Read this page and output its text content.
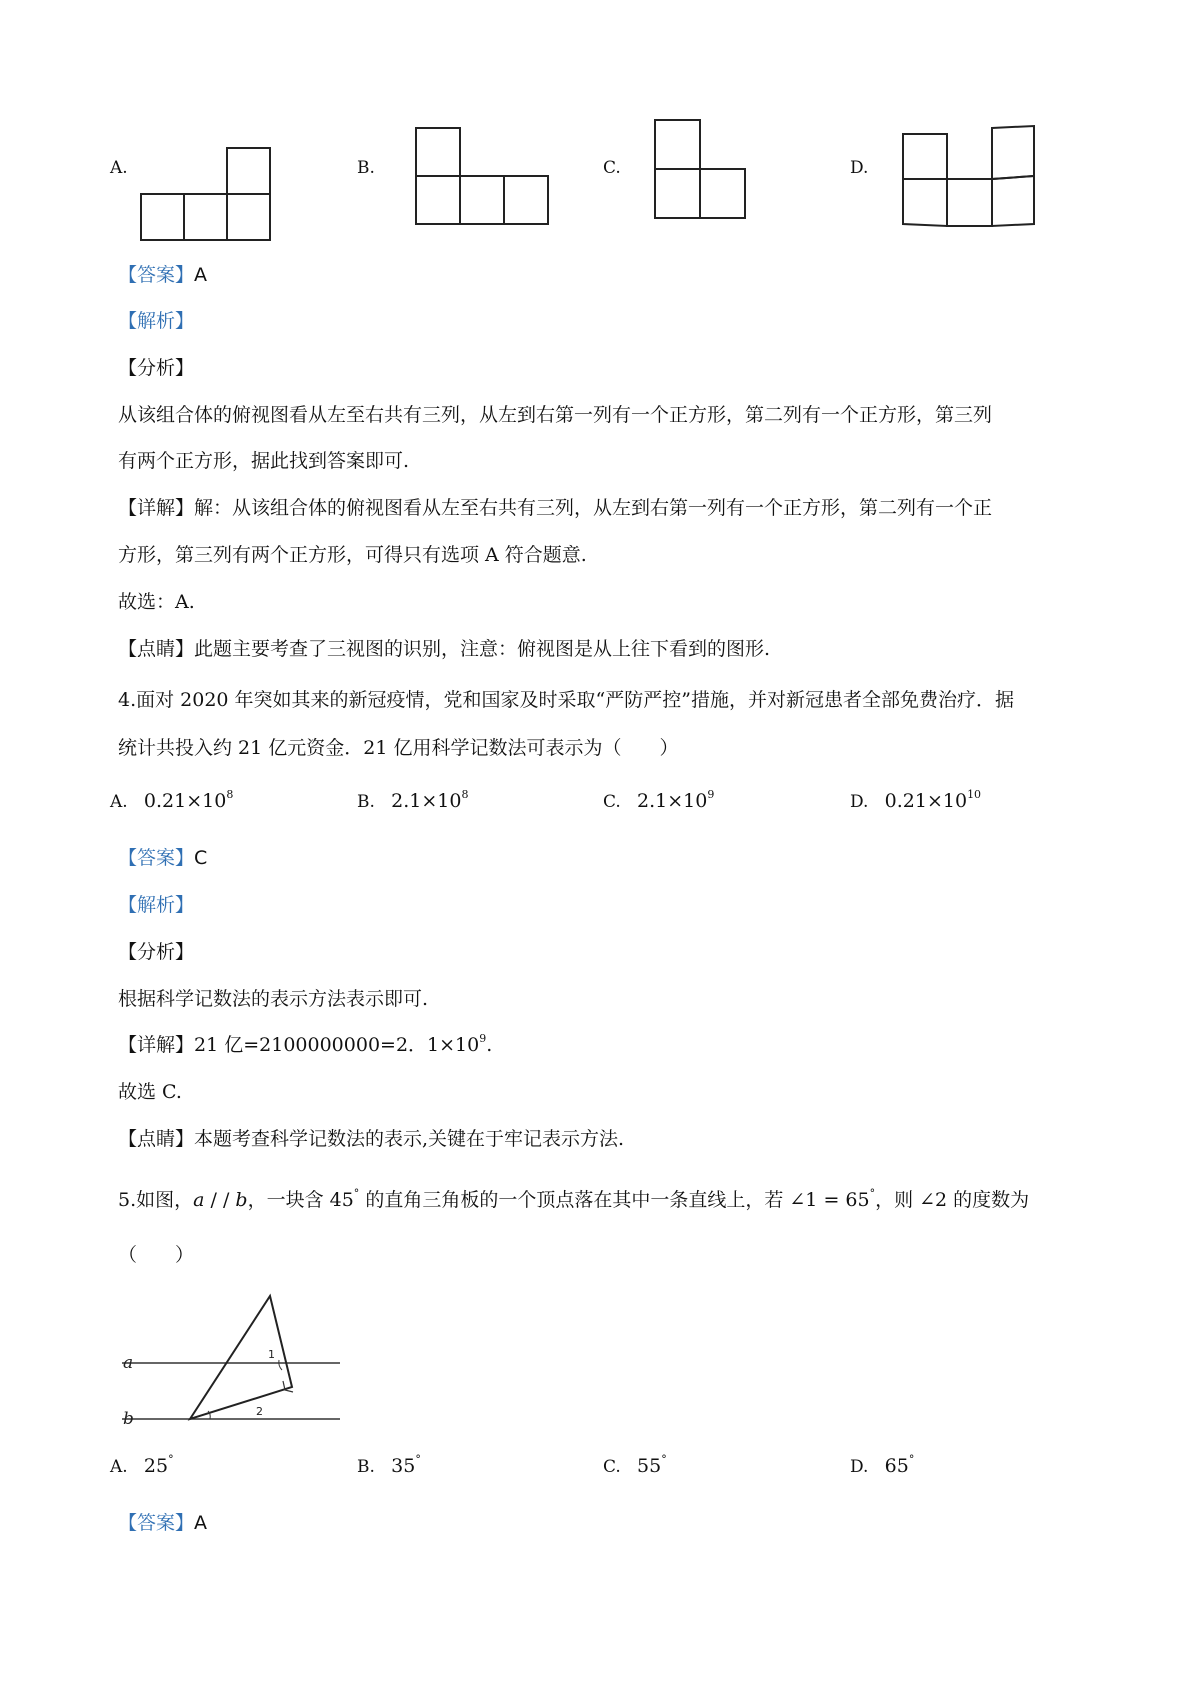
A.	B.	C.	D.
【答案】A
【解析】
【分析】
从该组合体的俯视图看从左至右共有三列，从左到右第一列有一个正方形，第二列有一个正方形，第三列
有两个正方形，据此找到答案即可.
【详解】解：从该组合体的俯视图看从左至右共有三列，从左到右第一列有一个正方形，第二列有一个正
方形，第三列有两个正方形，可得只有选项 A 符合题意.
故选：A.
【点睛】此题主要考查了三视图的识别，注意：俯视图是从上往下看到的图形.
4.面对 2020 年突如其来的新冠疫情，党和国家及时采取“严防严控”措施，并对新冠患者全部免费治疗．据
统计共投入约 21 亿元资金．21 亿用科学记数法可表示为（　　）
A. $0.21\times 10^8$	B. $2.1\times 10^8$	C. $2.1\times 10^9$	D. $0.21\times 10^{10}$
【答案】C
【解析】
【分析】
根据科学记数法的表示方法表示即可.
【详解】21 亿=2100000000=2．$1\times 10^9$.
故选 C.
【点睛】本题考查科学记数法的表示,关键在于牢记表示方法.
5.如图，a / / b，一块含 45° 的直角三角板的一个顶点落在其中一条直线上，若 ∠1 = 65°，则 ∠2 的度数为
（　　）
a
b
1
2
A. 25°	B. 35°	C. 55°	D. 65°
【答案】A
